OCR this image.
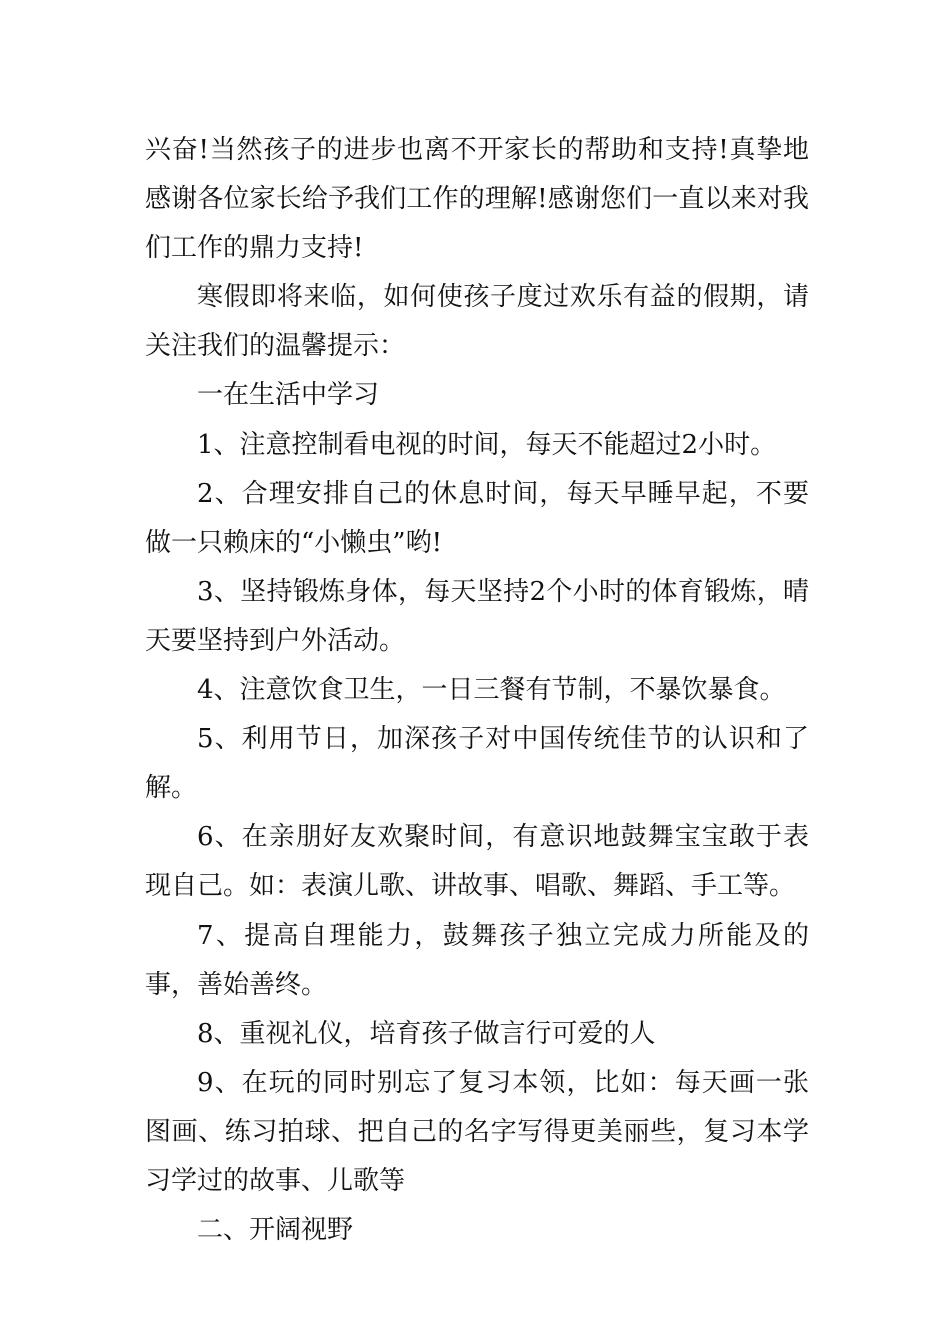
兴奋!当然孩子的进步也离不开家长的帮助和支持!真挚地感谢各位家长给予我们工作的理解!感谢您们一直以来对我们工作的鼎力支持!

寒假即将来临，如何使孩子度过欢乐有益的假期，请关注我们的温馨提示：

一在生活中学习

1、注意控制看电视的时间，每天不能超过2小时。

2、合理安排自己的休息时间，每天早睡早起，不要做一只赖床的“小懒虫”哟!

3、坚持锻炼身体，每天坚持2个小时的体育锻炼，晴天要坚持到户外活动。

4、注意饮食卫生，一日三餐有节制，不暴饮暴食。

5、利用节日，加深孩子对中国传统佳节的认识和了解。

6、在亲朋好友欢聚时间，有意识地鼓舞宝宝敢于表现自己。如：表演儿歌、讲故事、唱歌、舞蹈、手工等。

7、提高自理能力，鼓舞孩子独立完成力所能及的事，善始善终。

8、重视礼仪，培育孩子做言行可爱的人

9、在玩的同时别忘了复习本领，比如：每天画一张图画、练习拍球、把自己的名字写得更美丽些，复习本学习学过的故事、儿歌等

二、开阔视野
